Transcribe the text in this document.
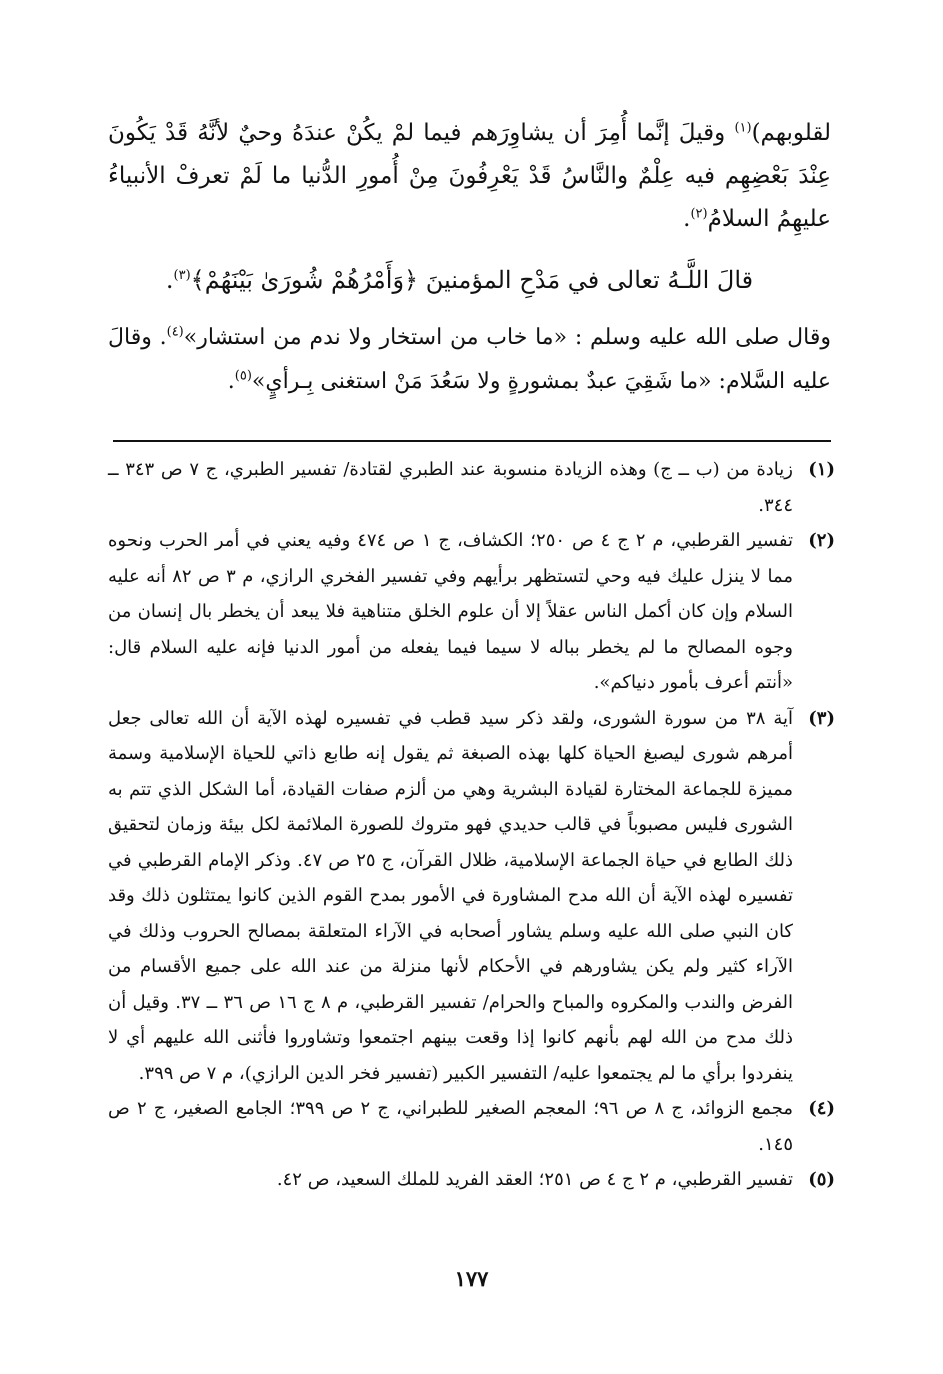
لقلوبهم)$^{(١)}$ وقيلَ إنَّما أُمِرَ أن يشاوِرَهم فيما لمْ يكُنْ عندَهُ وحيٌ لأنَّهُ قَدْ يَكُونَ عِنْدَ بَعْضِهِم فيه عِلْمٌ والنَّاسُ قَدْ يَعْرِفُونَ مِنْ أُمورِ الدُّنيا ما لَمْ تعرفْ الأنبياءُ عليهِمُ السلامُ$^{(٢)}$.

قالَ اللَّـهُ تعالى في مَدْحِ المؤمنينَ ﴿وَأَمْرُهُمْ شُورَىٰ بَيْنَهُمْ﴾$^{(٣)}$.

وقال صلى الله عليه وسلم : «ما خاب من استخار ولا ندم من استشار»$^{(٤)}$. وقالَ عليه السَّلام: «ما شَقِيَ عبدٌ بمشورةٍ ولا سَعُدَ مَنْ استغنى بِـرأيٍ»$^{(٥)}$.

(١)
زيادة من (ب ــ ج) وهذه الزيادة منسوبة عند الطبري لقتادة/ تفسير الطبري، ج ٧ ص ٣٤٣ ــ ٣٤٤.
(٢)
تفسير القرطبي، م ٢ ج ٤ ص ٢٥٠؛ الكشاف، ج ١ ص ٤٧٤ وفيه يعني في أمر الحرب ونحوه مما لا ينزل عليك فيه وحي لتستظهر برأيهم وفي تفسير الفخري الرازي، م ٣ ص ٨٢ أنه عليه السلام وإن كان أكمل الناس عقلاً إلا أن علوم الخلق متناهية فلا يبعد أن يخطر بال إنسان من وجوه المصالح ما لم يخطر بباله لا سيما فيما يفعله من أمور الدنيا فإنه عليه السلام قال: «أنتم أعرف بأمور دنياكم».
(٣)
آية ٣٨ من سورة الشورى، ولقد ذكر سيد قطب في تفسيره لهذه الآية أن الله تعالى جعل أمرهم شورى ليصبغ الحياة كلها بهذه الصبغة ثم يقول إنه طابع ذاتي للحياة الإسلامية وسمة مميزة للجماعة المختارة لقيادة البشرية وهي من ألزم صفات القيادة، أما الشكل الذي تتم به الشورى فليس مصبوباً في قالب حديدي فهو متروك للصورة الملائمة لكل بيئة وزمان لتحقيق ذلك الطابع في حياة الجماعة الإسلامية، ظلال القرآن، ج ٢٥ ص ٤٧. وذكر الإمام القرطبي في تفسيره لهذه الآية أن الله مدح المشاورة في الأمور بمدح القوم الذين كانوا يمتثلون ذلك وقد كان النبي صلى الله عليه وسلم يشاور أصحابه في الآراء المتعلقة بمصالح الحروب وذلك في الآراء كثير ولم يكن يشاورهم في الأحكام لأنها منزلة من عند الله على جميع الأقسام من الفرض والندب والمكروه والمباح والحرام/ تفسير القرطبي، م ٨ ج ١٦ ص ٣٦ ــ ٣٧. وقيل أن ذلك مدح من الله لهم بأنهم كانوا إذا وقعت بينهم اجتمعوا وتشاوروا فأثنى الله عليهم أي لا ينفردوا برأي ما لم يجتمعوا عليه/ التفسير الكبير (تفسير فخر الدين الرازي)، م ٧ ص ٣٩٩.
(٤)
مجمع الزوائد، ج ٨ ص ٩٦؛ المعجم الصغير للطبراني، ج ٢ ص ٣٩٩؛ الجامع الصغير، ج ٢ ص ١٤٥.
(٥)
تفسير القرطبي، م ٢ ج ٤ ص ٢٥١؛ العقد الفريد للملك السعيد، ص ٤٢.
١٧٧
